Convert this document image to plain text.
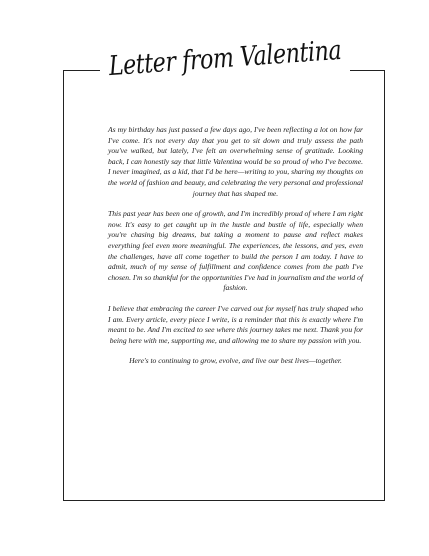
Letter from Valentina

As my birthday has just passed a few days ago, I've been reflecting a lot on how far I've come. It's not every day that you get to sit down and truly assess the path you've walked, but lately, I've felt an overwhelming sense of gratitude. Looking back, I can honestly say that little Valentina would be so proud of who I've become. I never imagined, as a kid, that I'd be here—writing to you, sharing my thoughts on the world of fashion and beauty, and celebrating the very personal and professional journey that has shaped me.

This past year has been one of growth, and I'm incredibly proud of where I am right now. It's easy to get caught up in the hustle and bustle of life, especially when you're chasing big dreams, but taking a moment to pause and reflect makes everything feel even more meaningful. The experiences, the lessons, and yes, even the challenges, have all come together to build the person I am today. I have to admit, much of my sense of fulfillment and confidence comes from the path I've chosen. I'm so thankful for the opportunities I've had in journalism and the world of fashion.

I believe that embracing the career I've carved out for myself has truly shaped who I am. Every article, every piece I write, is a reminder that this is exactly where I'm meant to be. And I'm excited to see where this journey takes me next. Thank you for being here with me, supporting me, and allowing me to share my passion with you.

Here's to continuing to grow, evolve, and live our best lives—together.
